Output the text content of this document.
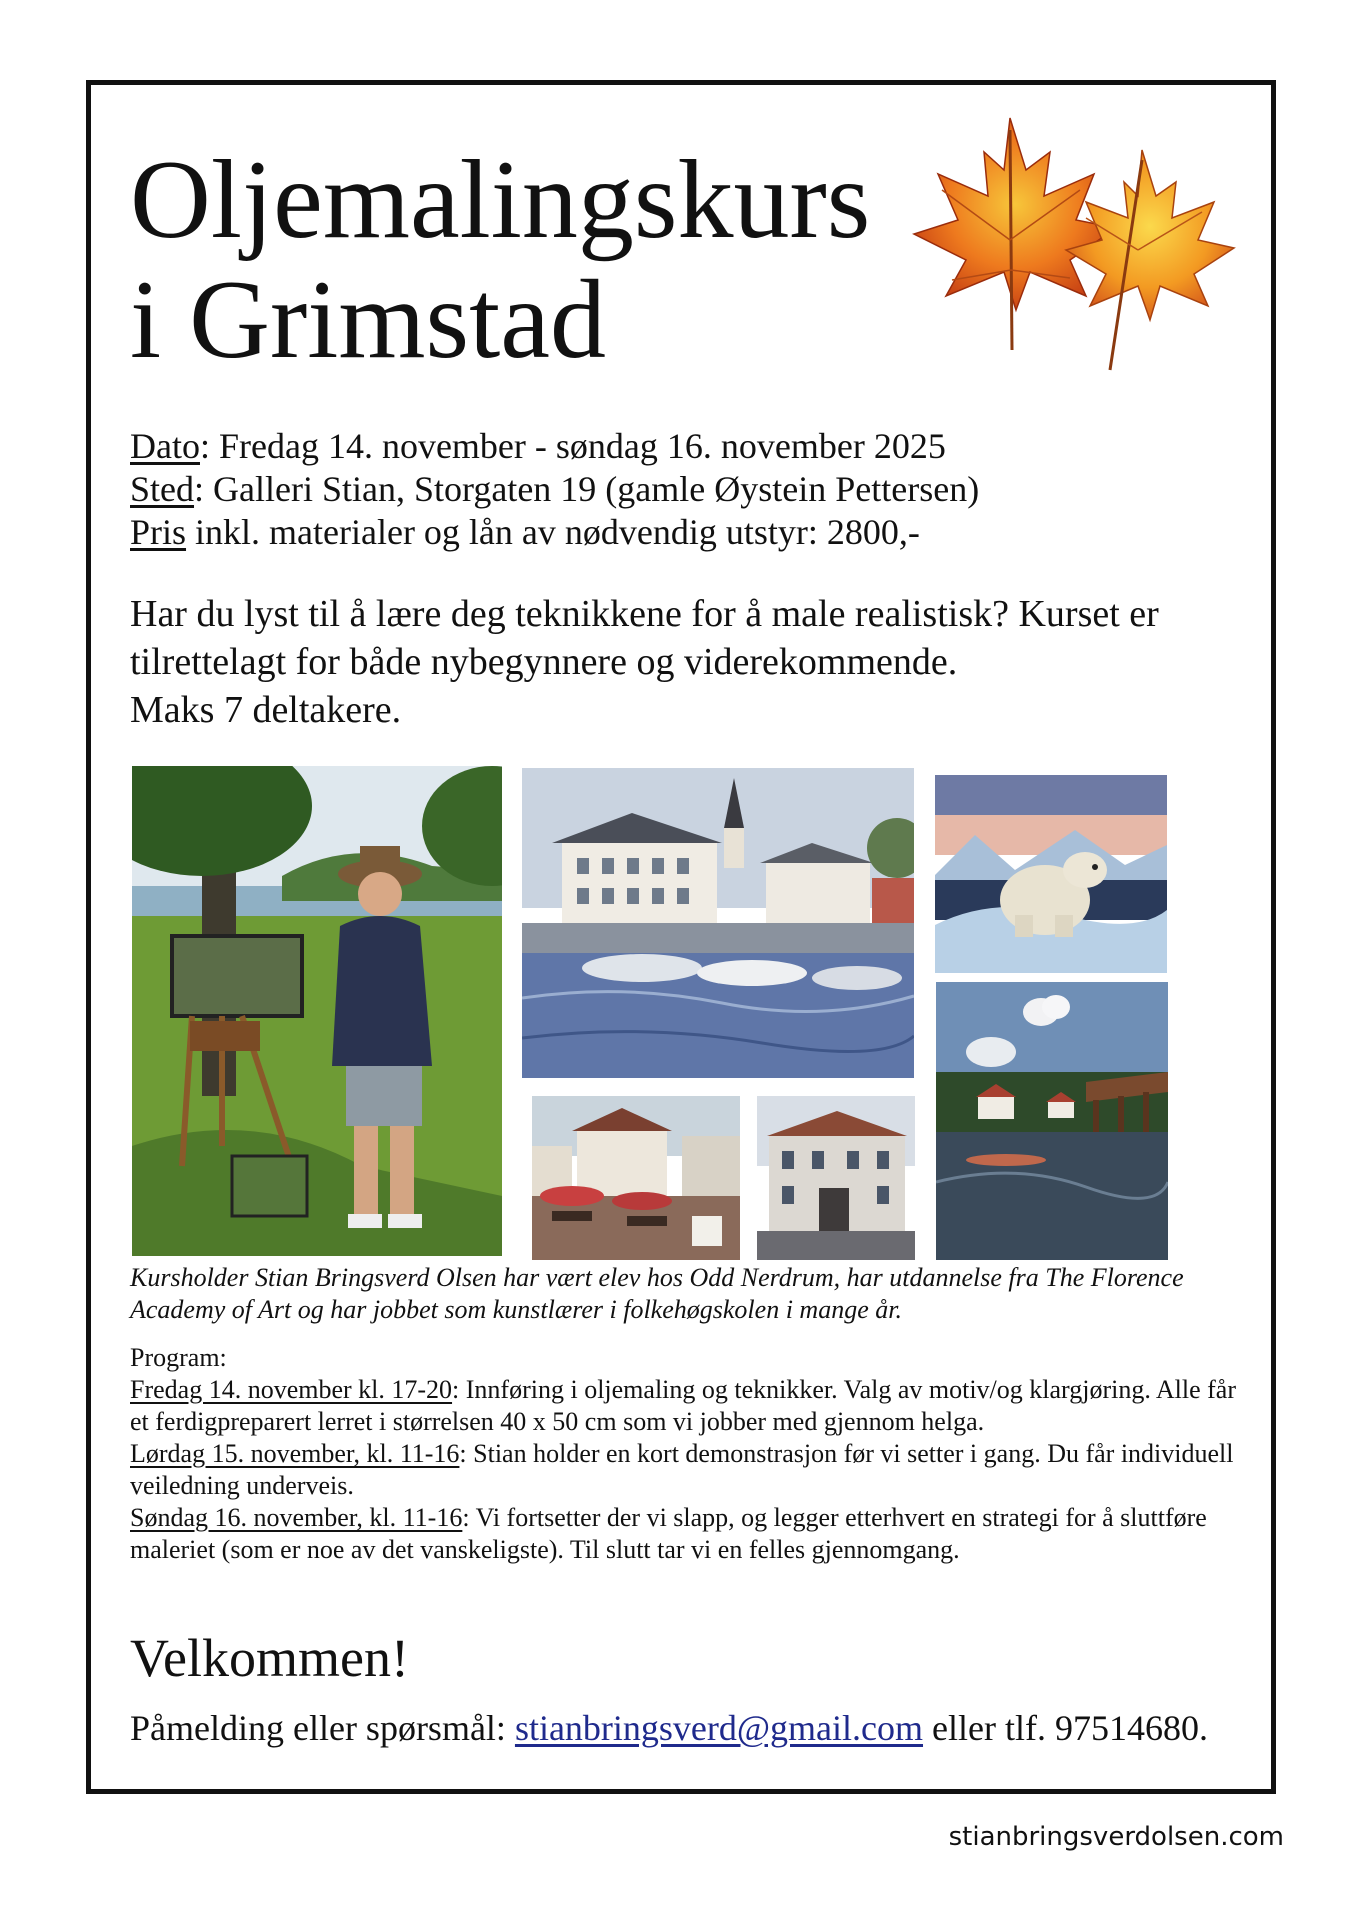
Oljemalingskurs
i Grimstad
Dato: Fredag 14. november - søndag 16. november 2025
Sted: Galleri Stian, Storgaten 19 (gamle Øystein Pettersen)
Pris inkl. materialer og lån av nødvendig utstyr: 2800,-

Har du lyst til å lære deg teknikkene for å male realistisk? Kurset er tilrettelagt for både nybegynnere og viderekommende.

Maks 7 deltakere.

Kursholder Stian Bringsverd Olsen har vært elev hos Odd Nerdrum, har utdannelse fra The Florence Academy of Art og har jobbet som kunstlærer i folkehøgskolen i mange år.

Program:

Fredag 14. november kl. 17-20: Innføring i oljemaling og teknikker. Valg av motiv/og klargjøring. Alle får et ferdigpreparert lerret i størrelsen 40 x 50 cm som vi jobber med gjennom helga.

Lørdag 15. november, kl. 11-16: Stian holder en kort demonstrasjon før vi setter i gang. Du får individuell veiledning underveis.

Søndag 16. november, kl. 11-16: Vi fortsetter der vi slapp, og legger etterhvert en strategi for å sluttføre maleriet (som er noe av det vanskeligste). Til slutt tar vi en felles gjennomgang.

Velkommen!
Påmelding eller spørsmål: stianbringsverd@gmail.com eller tlf. 97514680.
stianbringsverdolsen.com
